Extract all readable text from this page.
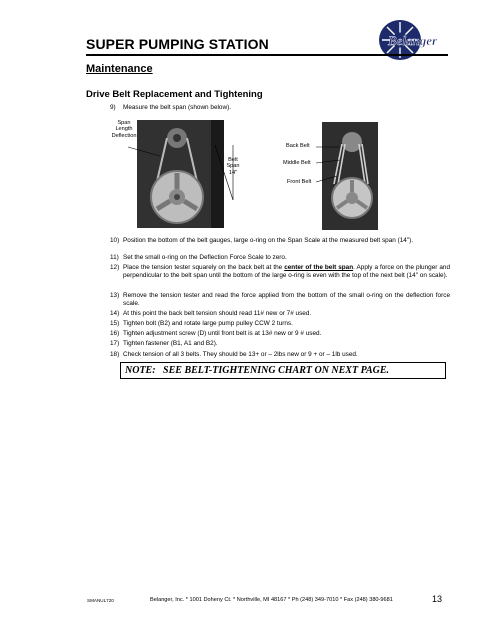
Belanger
SUPER PUMPING STATION
Maintenance
Drive Belt Replacement and Tightening
9) Measure the belt span (shown below).
Span
Length
Deflection
Belt
Span
14"
Back Belt
Middle Belt
Front Belt
10) Position the bottom of the belt gauges, large o-ring on the Span Scale at the measured belt span (14").
11) Set the small o-ring on the Deflection Force Scale to zero.
12) Place the tension tester squarely on the back belt at the center of the belt span. Apply a force on the plunger and perpendicular to the belt span until the bottom of the large o-ring is even with the top of the next belt (14" on scale).
13) Remove the tension tester and read the force applied from the bottom of the small o-ring on the deflection force scale.
14) At this point the back belt tension should read 11# new or 7# used.
15) Tighten bolt (B2) and rotate large pump pulley CCW 2 turns.
16) Tighten adjustment screw (D) until front belt is at 13# new or 9 # used.
17) Tighten fastener (B1, A1 and B2).
18) Check tension of all 3 belts. They should be 13+ or – 2lbs new or 9 + or – 1lb used.
NOTE:   SEE BELT-TIGHTENING CHART ON NEXT PAGE.
SMANUL720	Belanger, Inc. * 1001 Doheny Ct. * Northville, MI 48167 * Ph (248) 349-7010 * Fax (248) 380-9681	13
